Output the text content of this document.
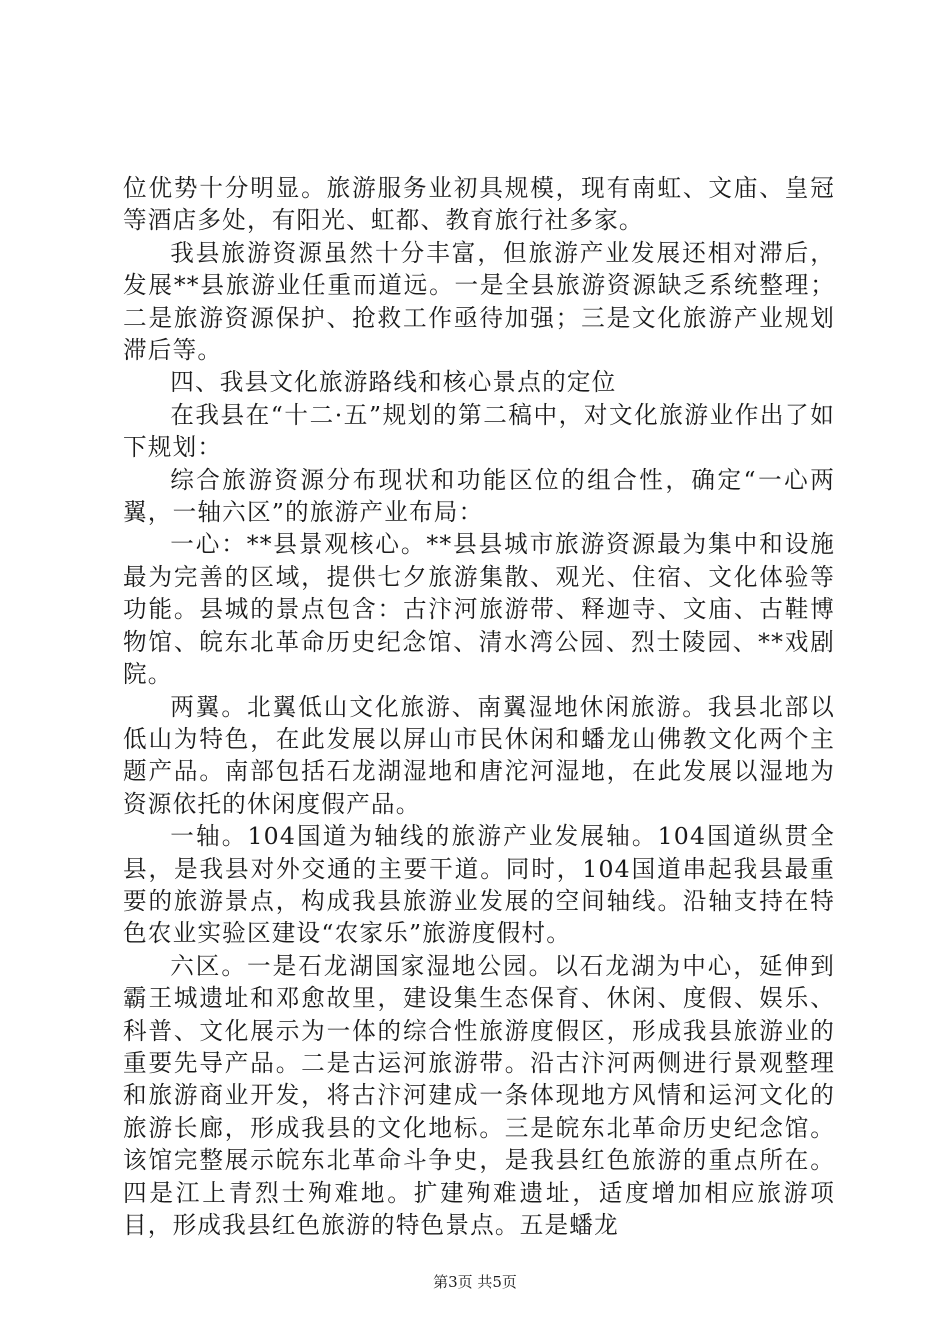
位优势十分明显。旅游服务业初具规模，现有南虹、文庙、皇冠等酒店多处，有阳光、虹都、教育旅行社多家。

我县旅游资源虽然十分丰富，但旅游产业发展还相对滞后，发展**县旅游业任重而道远。一是全县旅游资源缺乏系统整理；二是旅游资源保护、抢救工作亟待加强；三是文化旅游产业规划滞后等。

四、我县文化旅游路线和核心景点的定位

在我县在“十二·五”规划的第二稿中，对文化旅游业作出了如下规划：

综合旅游资源分布现状和功能区位的组合性，确定“一心两翼，一轴六区”的旅游产业布局：

一心：**县景观核心。**县县城市旅游资源最为集中和设施最为完善的区域，提供七夕旅游集散、观光、住宿、文化体验等功能。县城的景点包含：古汴河旅游带、释迦寺、文庙、古鞋博物馆、皖东北革命历史纪念馆、清水湾公园、烈士陵园、**戏剧院。

两翼。北翼低山文化旅游、南翼湿地休闲旅游。我县北部以低山为特色，在此发展以屏山市民休闲和蟠龙山佛教文化两个主题产品。南部包括石龙湖湿地和唐沱河湿地，在此发展以湿地为资源依托的休闲度假产品。

一轴。104国道为轴线的旅游产业发展轴。104国道纵贯全县，是我县对外交通的主要干道。同时，104国道串起我县最重要的旅游景点，构成我县旅游业发展的空间轴线。沿轴支持在特色农业实验区建设“农家乐”旅游度假村。

六区。一是石龙湖国家湿地公园。以石龙湖为中心，延伸到霸王城遗址和邓愈故里，建设集生态保育、休闲、度假、娱乐、科普、文化展示为一体的综合性旅游度假区，形成我县旅游业的重要先导产品。二是古运河旅游带。沿古汴河两侧进行景观整理和旅游商业开发，将古汴河建成一条体现地方风情和运河文化的旅游长廊，形成我县的文化地标。三是皖东北革命历史纪念馆。该馆完整展示皖东北革命斗争史，是我县红色旅游的重点所在。四是江上青烈士殉难地。扩建殉难遗址，适度增加相应旅游项目，形成我县红色旅游的特色景点。五是蟠龙

第3页 共5页
